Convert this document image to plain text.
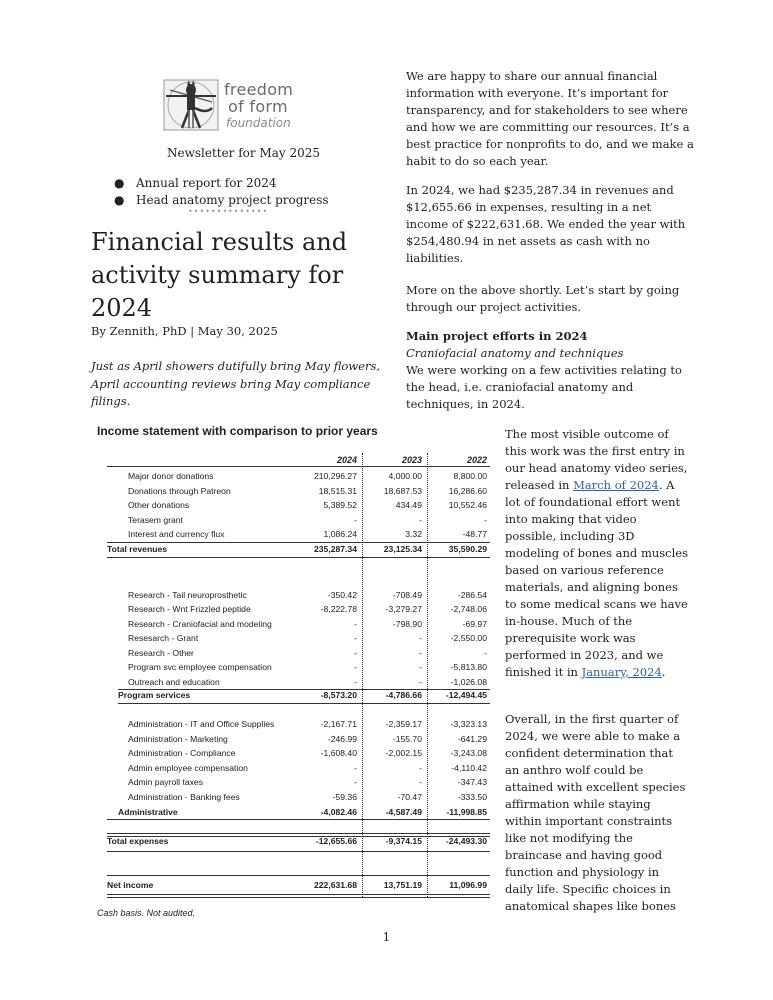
freedom
of form
foundation
Newsletter for May 2025
● Annual report for 2024
● Head anatomy project progress
••••••••••••••
Financial results and activity summary for 2024
By Zennith, PhD | May 30, 2025
Just as April showers dutifully bring May flowers, April accounting reviews bring May compliance filings.

We are happy to share our annual financial information with everyone. It’s important for transparency, and for stakeholders to see where and how we are committing our resources. It’s a best practice for nonprofits to do, and we make a habit to do so each year.

In 2024, we had $235,287.34 in revenues and $12,655.66 in expenses, resulting in a net income of $222,631.68. We ended the year with $254,480.94 in net assets as cash with no liabilities.

More on the above shortly. Let’s start by going through our project activities.

Main project efforts in 2024
Craniofacial anatomy and techniques
We were working on a few activities relating to the head, i.e. craniofacial anatomy and techniques, in 2024.

The most visible outcome of this work was the first entry in our head anatomy video series, released in March of 2024. A lot of foundational effort went into making that video possible, including 3D modeling of bones and muscles based on various reference materials, and aligning bones to some medical scans we have in-house. Much of the prerequisite work was performed in 2023, and we finished it in January, 2024.

Overall, in the first quarter of 2024, we were able to make a confident determination that an anthro wolf could be attained with excellent species affirmation while staying within important constraints like not modifying the braincase and having good function and physiology in daily life. Specific choices in anatomical shapes like bones

Income statement with comparison to prior years
2024	2023	2022
Major donor donations	210,296.27	4,000.00	8,800.00
Donations through Patreon	18,515.31	18,687.53	16,286.60
Other donations	5,389.52	434.49	10,552.46
Terasem grant	-	-	-
Interest and currency flux	1,086.24	3.32	-48.77
Total revenues	235,287.34	23,125.34	35,590.29
Research - Tail neuroprosthetic	-350.42	-708.49	-286.54
Research - Wnt Frizzled peptide	-8,222.78	-3,279.27	-2,748.06
Research - Craniofacial and modeling	-	-798.90	-69.97
Resesarch - Grant	-	-	-2,550.00
Research - Other	-	-	-
Program svc employee compensation	-	-	-5,813.80
Outreach and education	-	-	-1,026.08
Program services	-8,573.20	-4,786.66	-12,494.45
Administration - IT and Office Supplies	-2,167.71	-2,359.17	-3,323.13
Administration - Marketing	-246.99	-155.70	-641.29
Administration - Compliance	-1,608.40	-2,002.15	-3,243.08
Admin employee compensation	-	-	-4,110.42
Admin payroll taxes	-	-	-347.43
Administration - Banking fees	-59.36	-70.47	-333.50
Administrative	-4,082.46	-4,587.49	-11,998.85
Total expenses	-12,655.66	-9,374.15	-24,493.30
Net income	222,631.68	13,751.19	11,096.99
Cash basis. Not audited.
1
